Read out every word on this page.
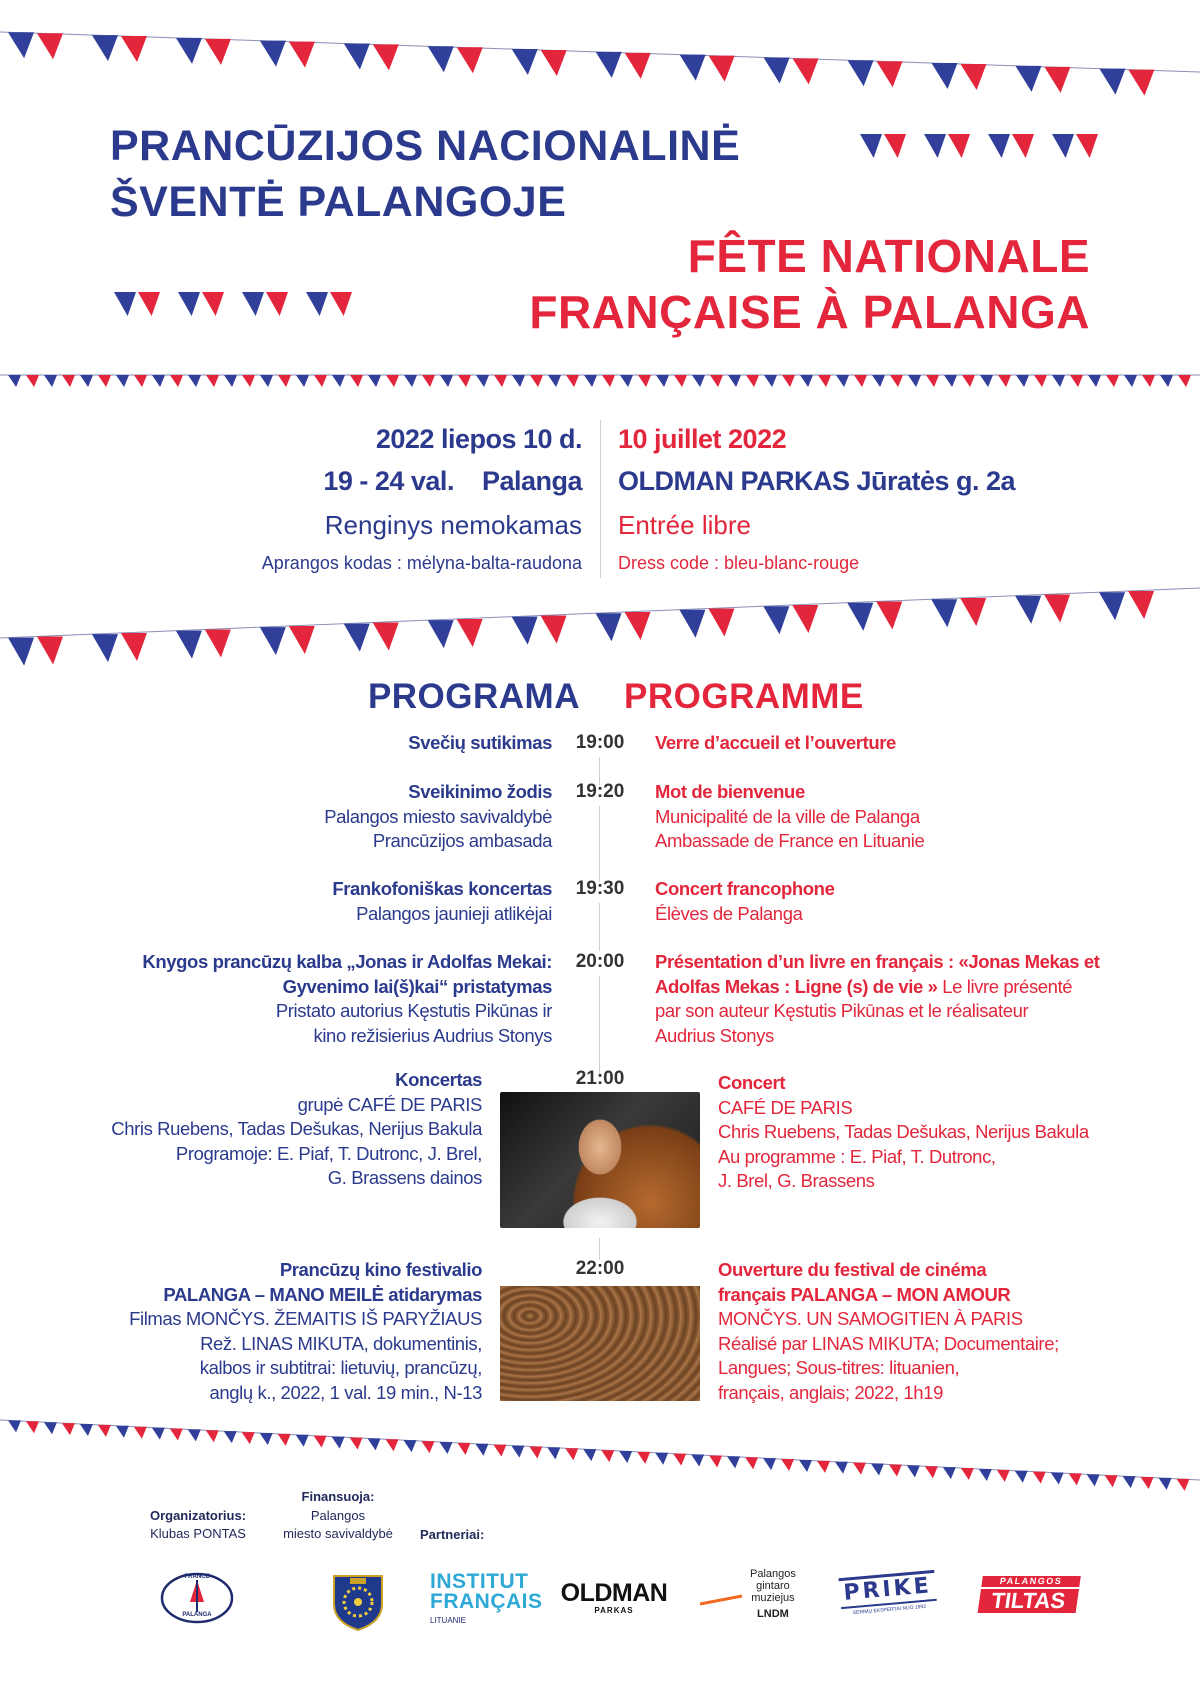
PRANCŪZIJOS NACIONALINĖ
ŠVENTĖ PALANGOJE
FÊTE NATIONALE
FRANÇAISE À PALANGA
2022 liepos 10 d.
19 - 24 val.    Palanga
Renginys nemokamas
Aprangos kodas : mėlyna-balta-raudona
10 juillet 2022
OLDMAN PARKAS Jūratės g. 2a
Entrée libre
Dress code : bleu-blanc-rouge
PROGRAMA PROGRAMME
19:00
Svečių sutikimas	Verre d’accueil et l’ouverture
19:20
Sveikinimo žodis
Palangos miesto savivaldybė
Prancūzijos ambasada
Mot de bienvenue
Municipalité de la ville de Palanga
Ambassade de France en Lituanie
19:30
Frankofoniškas koncertas
Palangos jaunieji atlikėjai
Concert francophone
Élèves de Palanga
20:00
Knygos prancūzų kalba „Jonas ir Adolfas Mekai:
Gyvenimo lai(š)kai“ pristatymas
Pristato autorius Kęstutis Pikūnas ir
kino režisierius Audrius Stonys
Présentation d’un livre en français : «Jonas Mekas et
Adolfas Mekas : Ligne (s) de vie » Le livre présenté
par son auteur Kęstutis Pikūnas et le réalisateur
Audrius Stonys
21:00
Koncertas
grupė CAFÉ DE PARIS
Chris Ruebens, Tadas Dešukas, Nerijus Bakula
Programoje: E. Piaf, T. Dutronc, J. Brel,
G. Brassens dainos
Concert
CAFÉ DE PARIS
Chris Ruebens, Tadas Dešukas, Nerijus Bakula
Au programme : E. Piaf, T. Dutronc,
J. Brel, G. Brassens
22:00
Prancūzų kino festivalio
PALANGA – MANO MEILĖ atidarymas
Filmas MONČYS. ŽEMAITIS IŠ PARYŽIAUS
Rež. LINAS MIKUTA, dokumentinis,
kalbos ir subtitrai: lietuvių, prancūzų,
anglų k., 2022, 1 val. 19 min., N-13
Ouverture du festival de cinéma
français PALANGA – MON AMOUR
MONČYS. UN SAMOGITIEN À PARIS
Réalisé par LINAS MIKUTA; Documentaire;
Langues; Sous-titres: lituanien,
français, anglais; 2022, 1h19
Organizatorius:
Klubas PONTAS
Finansuoja:
Palangos
miesto savivaldybė	Partneriai:
FRANCE
PALANGA
INSTITUT
FRANÇAIS
LITUANIE
OLDMAN
PARKAS
Palangos
gintaro
muziejus
LNDM
PRIKE
SERIMŲ EKSPERTAI NUO 1992
PALANGOS
TILTAS
